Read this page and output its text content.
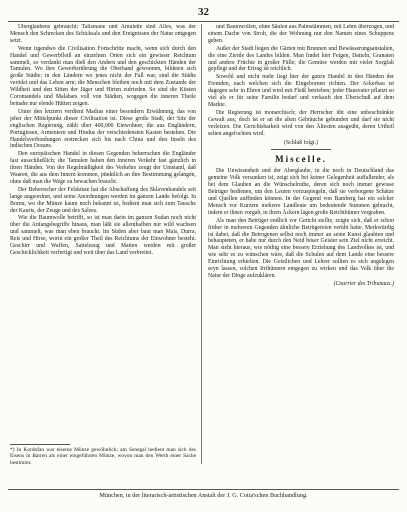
32

Überglaubens gebraucht; Talismane und Amulette sind Alles, was der Mensch den Schrecken des Schicksals und den Ereignissen der Natur entgegen setzt.

Wenn irgendwo die Civilisation Fortschritte macht, wenn sich durch den Handel und Gewerbfleiß an einzelnen Orten sich ein gewisser Reichtum sammelt, so verdankt man dieß den Andern und den geschickten Händen der Tamulen. Wo ihre Gewerbsrührung die Oberhand gewonnen, bildeten sich große Städte; in den Ländern wo jenes nicht der Fall war, sind die Städte verödet und das Leben arm; die Menschen bleiben noch mit dem Zustande der Wildheit und den Sitten der Jäger und Hirten zufrieden. So sind die Küsten Coromandels und Malabars voll von Städten, wogegen die inneren Theile beinahe nur elende Hütten zeigen.

Unter den letztern verdient Madras einer besondern Erwähnung, das von jeher der Mittelpunkt dieser Civilisation ist. Diese große Stadt, der Sitz der englischen Regierung, zählt über 400,000 Einwohner, die aus Engländern, Portugiesen, Armeniern und Hindus der verschiedensten Kasten bestehen. Die Handelsverbindungen erstrecken sich bis nach China und den Inseln des indischen Oceans.

Den europäischen Handel in diesen Gegenden beherrschen die Engländer fast ausschließlich; die Tamulen haben den inneren Verkehr fast gänzlich in ihren Händen. Von der Regelmäßigkeit des Verkehrs zeugt der Umstand, daß Waaren, die aus dem Innern kommen, pünktlich an ihre Bestimmung gelangen, ohne daß man die Wege zu bewachen braucht.

Der Beherrscher der Felsküste hat die Abschaffung des Sklavenhandels seit lange angeordnet, und seine Anordnungen werden im ganzen Lande befolgt. In Bornu, wo die Münze kaum noch bekannt ist, bedient man sich zum Tausche der Kauris, der Zeuge und des Salzes.

Wie die Baumwolle betrifft, so ist man darin im ganzen Sudan noch nicht über die Anfangsbegriffe hinaus, man läßt sie allenthalben nur wild wachsen und sammelt, was man eben braucht. Im Süden aber baut man Mais, Durra, Reis und Hirse, worin ein großer Theil des Reichtums der Einwohner besteht. Geschirr und Waffen, Sattelzeug und Matten werden mit großer Geschicklichkeit verfertigt und weit über das Land verbreitet.

und Baumwollen, ohne Säulen aus Palmstämmen, mit Lehm überzogen, und einem Dache von Stroh, die der Wohnung nur den Namen eines Schuppens geben.

Außer der Stadt liegen die Gärten mit Brunnen und Bewässerungsanstalten, die eine Zierde des Landes bilden. Man findet hier Feigen, Datteln, Granaten und andere Früchte in großer Fülle; die Gemüse werden mit vieler Sorgfalt gepflegt und der Ertrag ist reichlich.

Sowohl und nicht mehr liegt hier der ganze Handel in den Händen der Fremden, nach welchen sich die Eingebornen richten. Der Ackerbau ist dagegen sehr in Ehren und wird mit Fleiß betrieben; jeder Hausvater pflanzt so viel als er für seine Familie bedarf und verkauft den Überschuß auf dem Markte.

Die Regierung ist monarchisch; der Herrscher übt eine unbeschränkte Gewalt aus, doch ist er an die alten Gebräuche gebunden und darf sie nicht verletzen. Die Gerichtsbarkeit wird von den Ältesten ausgeübt, deren Urtheil selten angefochten wird.

(Schluß folgt.)

Miscelle.

Die Unwissenheit und der Aberglaube, in die noch in Deutschland das gemeine Volk versunken ist, zeigt sich bei keiner Gelegenheit auffallender, als bei dem Glauben an die Wünschelruthe, deren sich noch immer gewisse Betrüger bedienen, um den Leuten vorzuspiegeln, daß sie verborgene Schätze und Quellen auffinden können. In der Gegend von Bamberg hat ein solcher Mensch vor Kurzem mehrere Landleute um bedeutende Summen gebracht, indem er ihnen vorgab, in ihren Äckern lägen große Reichthümer vergraben.

Als man den Betrüger endlich vor Gericht stellte, zeigte sich, daß er schon früher in mehreren Gegenden ähnliche Betrügereien verübt hatte. Merkwürdig ist dabei, daß die Betrogenen selbst noch immer an seine Kunst glaubten und behaupteten, er habe nur durch den Neid böser Geister sein Ziel nicht erreicht. Man sieht hieraus, wie nöthig eine bessere Erziehung des Landvolkes ist, und wie sehr es zu wünschen wäre, daß die Schulen auf dem Lande eine bessere Einrichtung erhielten. Die Geistlichen und Lehrer sollten es sich angelegen seyn lassen, solchen Irrthümern entgegen zu wirken und das Volk über die Natur der Dinge aufzuklären.

(Courrier des Tribunaux.)

*) In Kordofan war eiserne Münze gewöhnlich; am Senegal bedient man sich des Eisens in Barren als einer eingeführten Münze, wovon man den Werth einer Sache bestimmt.
München, in der literarisch-artistischen Anstalt der J. G. Cotta'schen Buchhandlung.
